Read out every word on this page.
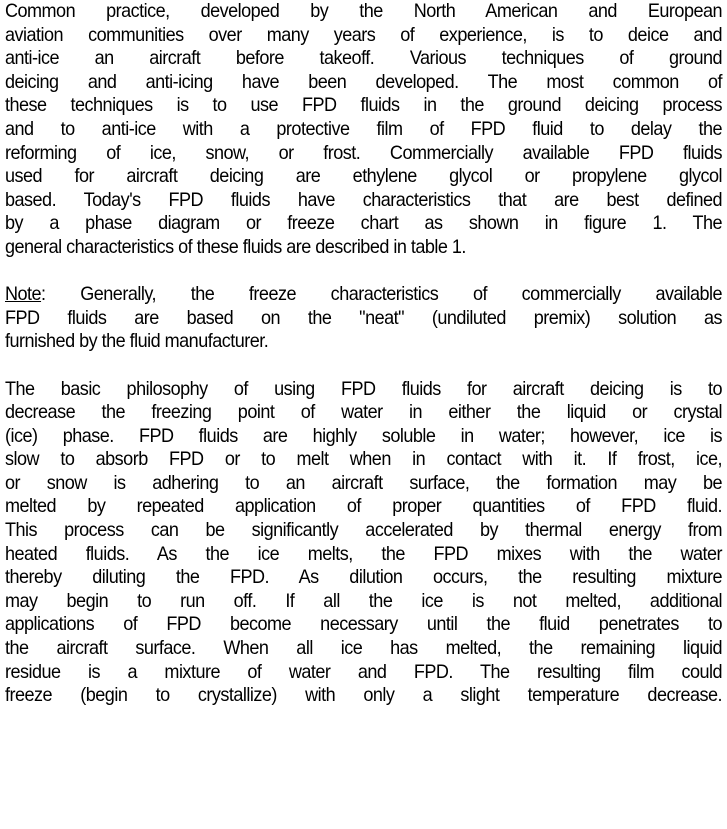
Common practice, developed by the North American and European
aviation communities over many years of experience, is to deice and
anti-ice an aircraft before takeoff. Various techniques of ground
deicing and anti-icing have been developed. The most common of
these techniques is to use FPD fluids in the ground deicing process
and to anti-ice with a protective film of FPD fluid to delay the
reforming of ice, snow, or frost. Commercially available FPD fluids
used for aircraft deicing are ethylene glycol or propylene glycol
based. Today's FPD fluids have characteristics that are best defined
by a phase diagram or freeze chart as shown in figure 1. The
general characteristics of these fluids are described in table 1.
Note: Generally, the freeze characteristics of commercially available
FPD fluids are based on the "neat" (undiluted premix) solution as
furnished by the fluid manufacturer.
The basic philosophy of using FPD fluids for aircraft deicing is to
decrease the freezing point of water in either the liquid or crystal
(ice) phase. FPD fluids are highly soluble in water; however, ice is
slow to absorb FPD or to melt when in contact with it. If frost, ice,
or snow is adhering to an aircraft surface, the formation may be
melted by repeated application of proper quantities of FPD fluid.
This process can be significantly accelerated by thermal energy from
heated fluids. As the ice melts, the FPD mixes with the water
thereby diluting the FPD. As dilution occurs, the resulting mixture
may begin to run off. If all the ice is not melted, additional
applications of FPD become necessary until the fluid penetrates to
the aircraft surface. When all ice has melted, the remaining liquid
residue is a mixture of water and FPD. The resulting film could
freeze (begin to crystallize) with only a slight temperature decrease.
